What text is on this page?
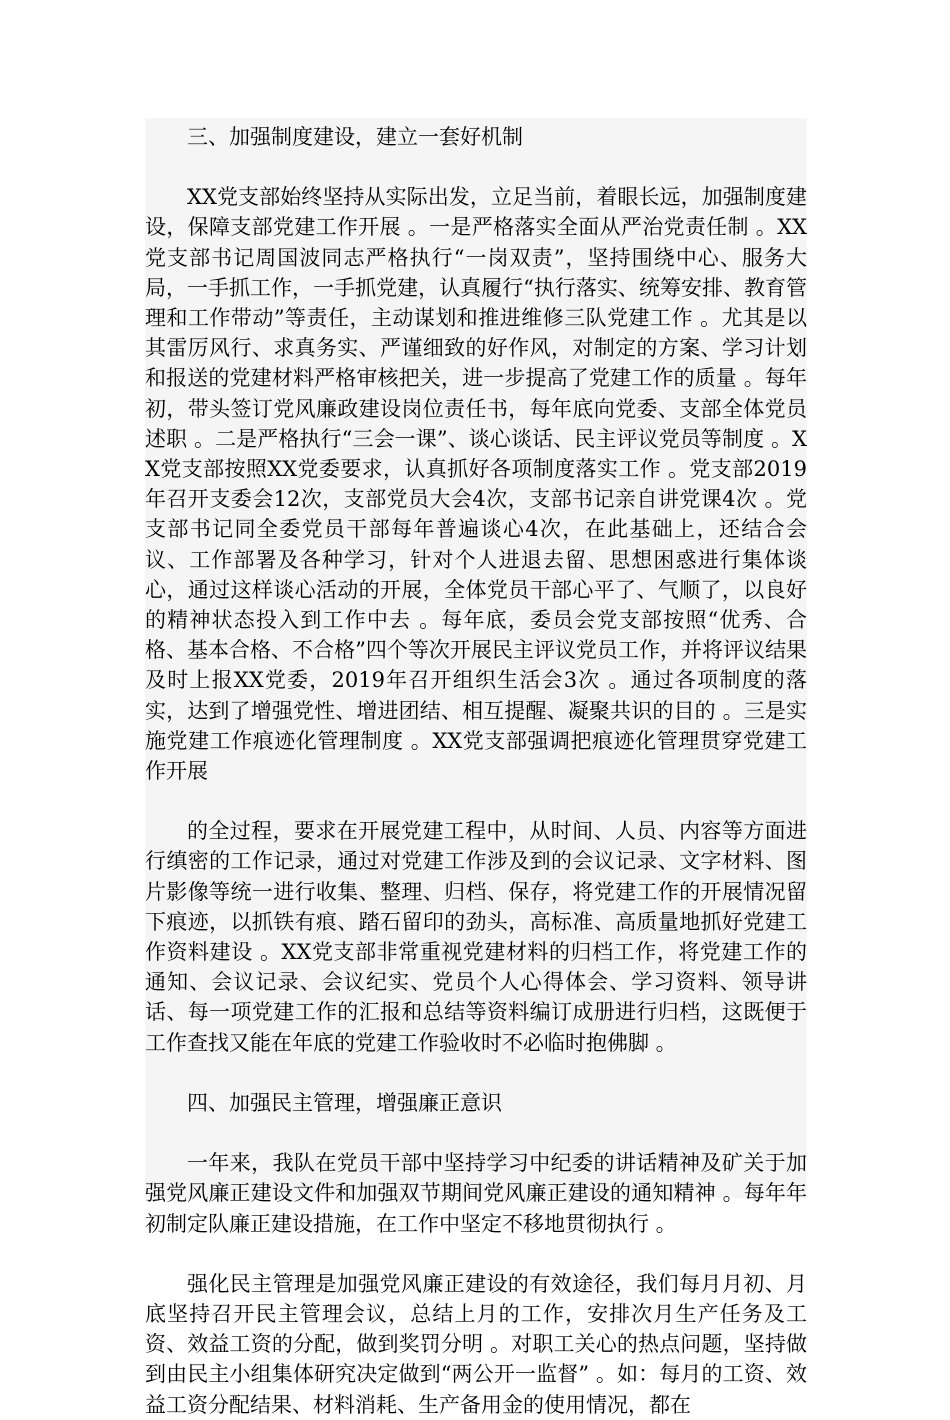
三、加强制度建设，建立一套好机制

XX党支部始终坚持从实际出发，立足当前，着眼长远，加强制度建设，保障支部党建工作开展 。一是严格落实全面从严治党责任制 。XX党支部书记周国波同志严格执行“一岗双责”，坚持围绕中心、服务大局，一手抓工作，一手抓党建，认真履行“执行落实、统筹安排、教育管理和工作带动”等责任，主动谋划和推进维修三队党建工作 。尤其是以其雷厉风行、求真务实、严谨细致的好作风，对制定的方案、学习计划和报送的党建材料严格审核把关，进一步提高了党建工作的质量 。每年初，带头签订党风廉政建设岗位责任书，每年底向党委、支部全体党员述职 。二是严格执行“三会一课”、谈心谈话、民主评议党员等制度 。XX党支部按照XX党委要求，认真抓好各项制度落实工作 。党支部2019年召开支委会12次，支部党员大会4次，支部书记亲自讲党课4次 。党支部书记同全委党员干部每年普遍谈心4次，在此基础上，还结合会议、工作部署及各种学习，针对个人进退去留、思想困惑进行集体谈心，通过这样谈心活动的开展，全体党员干部心平了、气顺了，以良好的精神状态投入到工作中去 。每年底，委员会党支部按照“优秀、合格、基本合格、不合格”四个等次开展民主评议党员工作，并将评议结果及时上报XX党委，2019年召开组织生活会3次 。通过各项制度的落实，达到了增强党性、增进团结、相互提醒、凝聚共识的目的 。三是实施党建工作痕迹化管理制度 。XX党支部强调把痕迹化管理贯穿党建工作开展

的全过程，要求在开展党建工程中，从时间、人员、内容等方面进行缜密的工作记录，通过对党建工作涉及到的会议记录、文字材料、图片影像等统一进行收集、整理、归档、保存，将党建工作的开展情况留下痕迹，以抓铁有痕、踏石留印的劲头，高标准、高质量地抓好党建工作资料建设 。XX党支部非常重视党建材料的归档工作，将党建工作的通知、会议记录、会议纪实、党员个人心得体会、学习资料、领导讲话、每一项党建工作的汇报和总结等资料编订成册进行归档，这既便于工作查找又能在年底的党建工作验收时不必临时抱佛脚 。

四、加强民主管理，增强廉正意识

一年来，我队在党员干部中坚持学习中纪委的讲话精神及矿关于加强党风廉正建设文件和加强双节期间党风廉正建设的通知精神 。每年年初制定队廉正建设措施，在工作中坚定不移地贯彻执行 。

强化民主管理是加强党风廉正建设的有效途径，我们每月月初、月底坚持召开民主管理会议，总结上月的工作，安排次月生产任务及工资、效益工资的分配，做到奖罚分明 。对职工关心的热点问题，坚持做到由民主小组集体研究决定做到“两公开一监督” 。如：每月的工资、效益工资分配结果、材料消耗、生产备用金的使用情况，都在
